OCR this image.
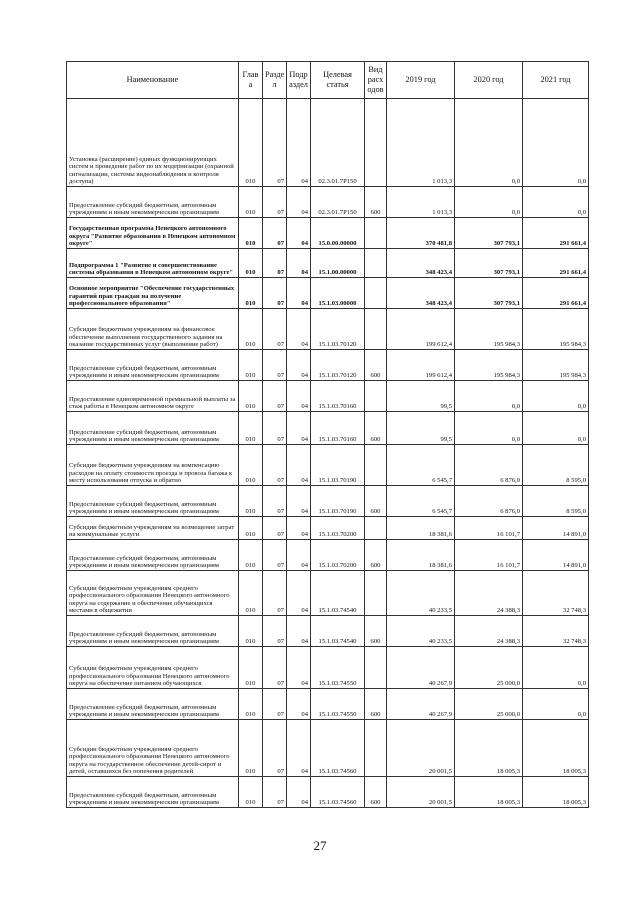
Наименование	Глав а	Разде л	Подр аздел	Целевая статья	Вид расх одов	2019 год	2020 год	2021 год
Установка (расширение) единых функционирующих систем и проведение работ по их модернизации (охранной сигнализации, системы видеонаблюдения и контроля доступа)	010	07	04	02.3.01.7P150		1 013,3	0,0	0,0
Предоставление субсидий бюджетным, автономным учреждениям и иным некоммерческим организациям	010	07	04	02.3.01.7P150	600	1 013,3	0,0	0,0
Государственная программа Ненецкого автономного округа "Развитие образования в Ненецком автономном округе"	010	07	04	15.0.00.00000		370 481,8	307 793,1	291 661,4
Подпрограмма 1 "Развитие и совершенствование системы образования в Ненецком автономном округе"	010	07	04	15.1.00.00000		348 423,4	307 793,1	291 661,4
Основное мероприятие "Обеспечение государственных гарантий прав граждан на получение профессионального образования"	010	07	04	15.1.03.00000		348 423,4	307 793,1	291 661,4
Субсидии бюджетным учреждениям на финансовое обеспечение выполнения государственного задания на оказание государственных услуг (выполнение работ)	010	07	04	15.1.03.70120		199 612,4	195 984,3	195 984,3
Предоставление субсидий бюджетным, автономным учреждениям и иным некоммерческим организациям	010	07	04	15.1.03.70120	600	199 612,4	195 984,3	195 984,3
Предоставление единовременной премиальной выплаты за стаж работы в Ненецком автономном округе	010	07	04	15.1.03.70160		99,5	0,0	0,0
Предоставление субсидий бюджетным, автономным учреждениям и иным некоммерческим организациям	010	07	04	15.1.03.70160	600	99,5	0,0	0,0
Субсидии бюджетным учреждениям на компенсацию расходов на оплату стоимости проезда и провоза багажа к месту использования отпуска и обратно	010	07	04	15.1.03.70190		6 545,7	6 876,0	8 595,0
Предоставление субсидий бюджетным, автономным учреждениям и иным некоммерческим организациям	010	07	04	15.1.03.70190	600	6 545,7	6 876,0	8 595,0
Субсидии бюджетным учреждениям на возмещение затрат на коммунальные услуги	010	07	04	15.1.03.70200		18 381,6	16 101,7	14 891,0
Предоставление субсидий бюджетным, автономным учреждениям и иным некоммерческим организациям	010	07	04	15.1.03.70200	600	18 381,6	16 101,7	14 891,0
Субсидии бюджетным учреждениям среднего профессионального образования Ненецкого автономного округа на содержание и обеспечение обучающихся местами в общежитии	010	07	04	15.1.03.74540		40 233,5	24 388,3	32 748,3
Предоставление субсидий бюджетным, автономным учреждениям и иным некоммерческим организациям	010	07	04	15.1.03.74540	600	40 233,5	24 388,3	32 748,3
Субсидии бюджетным учреждениям среднего профессионального образования Ненецкого автономного округа на обеспечение питанием обучающихся	010	07	04	15.1.03.74550		40 267,9	25 000,0	0,0
Предоставление субсидий бюджетным, автономным учреждениям и иным некоммерческим организациям	010	07	04	15.1.03.74550	600	40 267,9	25 000,0	0,0
Субсидии бюджетным учреждениям среднего профессионального образования Ненецкого автономного округа на государственное обеспечение детей-сирот и детей, оставшихся без попечения родителей	010	07	04	15.1.03.74560		20 001,5	18 005,3	18 005,3
Предоставление субсидий бюджетным, автономным учреждениям и иным некоммерческим организациям	010	07	04	15.1.03.74560	600	20 001,5	18 005,3	18 005,3
27
